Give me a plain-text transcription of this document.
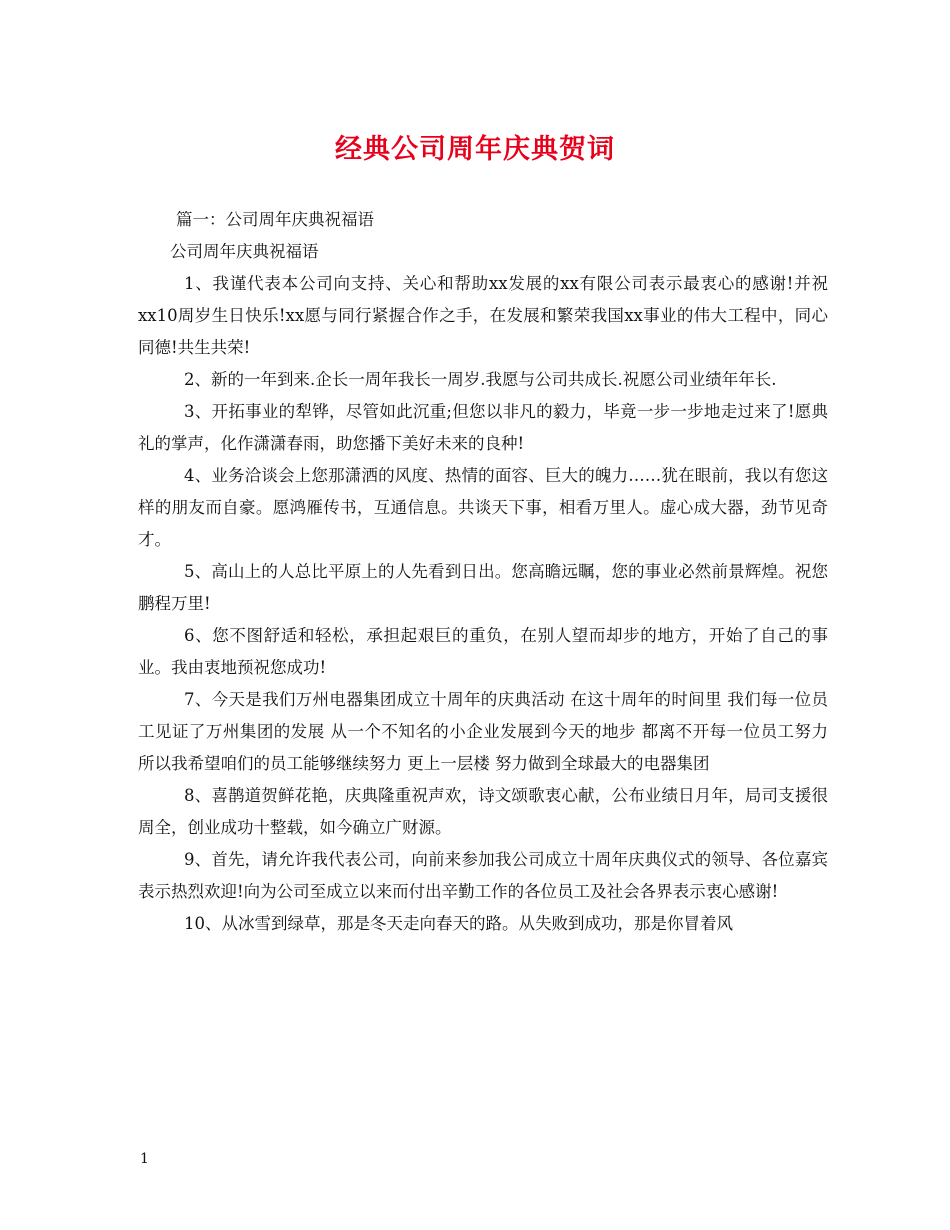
经典公司周年庆典贺词

篇一：公司周年庆典祝福语

公司周年庆典祝福语

1、我谨代表本公司向支持、关心和帮助xx发展的xx有限公司表示最衷心的感谢!并祝xx10周岁生日快乐!xx愿与同行紧握合作之手，在发展和繁荣我国xx事业的伟大工程中，同心同德!共生共荣!

2、新的一年到来.企长一周年我长一周岁.我愿与公司共成长.祝愿公司业绩年年长.

3、开拓事业的犁铧，尽管如此沉重;但您以非凡的毅力，毕竟一步一步地走过来了!愿典礼的掌声，化作潇潇春雨，助您播下美好未来的良种!

4、业务洽谈会上您那潇洒的风度、热情的面容、巨大的魄力……犹在眼前，我以有您这样的朋友而自豪。愿鸿雁传书，互通信息。共谈天下事，相看万里人。虚心成大器，劲节见奇才。

5、高山上的人总比平原上的人先看到日出。您高瞻远瞩，您的事业必然前景辉煌。祝您鹏程万里!

6、您不图舒适和轻松，承担起艰巨的重负，在别人望而却步的地方，开始了自己的事业。我由衷地预祝您成功!

7、今天是我们万州电器集团成立十周年的庆典活动 在这十周年的时间里 我们每一位员工见证了万州集团的发展 从一个不知名的小企业发展到今天的地步 都离不开每一位员工努力 所以我希望咱们的员工能够继续努力 更上一层楼 努力做到全球最大的电器集团

8、喜鹊道贺鲜花艳，庆典隆重祝声欢，诗文颂歌衷心献，公布业绩日月年，局司支援很周全，创业成功十整载，如今确立广财源。

9、首先，请允许我代表公司，向前来参加我公司成立十周年庆典仪式的领导、各位嘉宾表示热烈欢迎!向为公司至成立以来而付出辛勤工作的各位员工及社会各界表示衷心感谢!

10、从冰雪到绿草，那是冬天走向春天的路。从失败到成功，那是你冒着风

1
